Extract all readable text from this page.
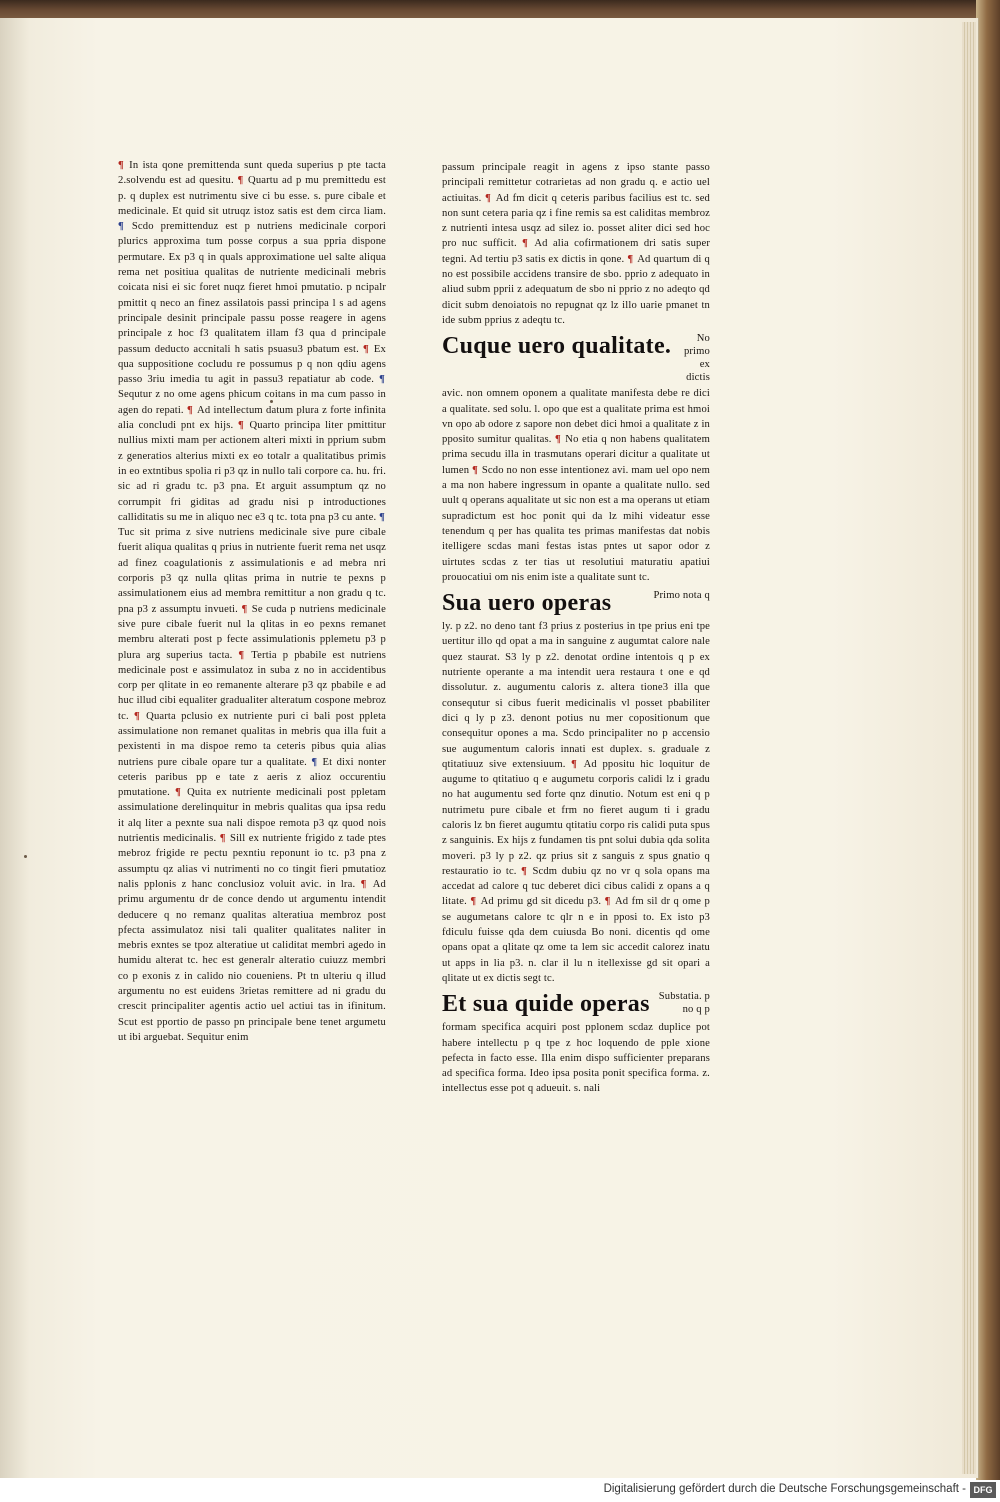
¶ In ista qone premittenda sunt queda superius p pte tacta 2.solvendu est ad quesitu. ¶ Quartu ad p mu premittedu est p. q duplex est nutrimentu sive ci bu esse. s. pure cibale et medicinale. Et quid sit utruqz istoz satis est dem circa liam. ¶ Scdo premittenduz est p nutriens medicinale corpori plurics approxima tum posse corpus a sua ppria dispone permutare. Ex p3 q in quals approximatione uel salte aliqua rema net positiua qualitas de nutriente medicinali mebris coicata nisi ei sic foret nuqz fieret hmoi pmutatio. p ncipalr pmittit q neco an finez assilatois passi principa l s ad agens principale desinit principale passu posse reagere in agens principale z hoc f3 qualitatem illam f3 qua d principale passum deducto accnitali h satis psuasu3 pbatum est. ¶ Ex qua suppositione cocludu re possumus p q non qdiu agens passo 3riu imedia tu agit in passu3 repatiatur ab code. ¶ Sequtur z no ome agens phicum coitans in ma cum passo in agen do repati. ¶ Ad intellectum datum plura z forte infinita alia concludi pnt ex hijs. ¶ Quarto principa liter pmittitur nullius mixti mam per actionem alteri mixti in pprium subm z generatios alterius mixti ex eo totalr a qualitatibus primis in eo extntibus spolia ri p3 qz in nullo tali corpore ca. hu. fri. sic ad ri gradu tc. p3 pna. Et arguit assumptum qz no corrumpit fri giditas ad gradu nisi p introductiones calliditatis su me in aliquo nec e3 q tc. tota pna p3 cu ante. ¶ Tuc sit prima z sive nutriens medicinale sive pure cibale fuerit aliqua qualitas q prius in nutriente fuerit rema net usqz ad finez coagulationis z assimulationis e ad mebra nri corporis p3 qz nulla qlitas prima in nutrie te pexns p assimulationem eius ad membra remittitur a non gradu q tc. pna p3 z assumptu invueti. ¶ Se cuda p nutriens medicinale sive pure cibale fuerit nul la qlitas in eo pexns remanet membru alterati post p fecte assimulationis pplemetu p3 p plura arg superius tacta. ¶ Tertia p pbabile est nutriens medicinale post e assimulatoz in suba z no in accidentibus corp per qlitate in eo remanente alterare p3 qz pbabile e ad huc illud cibi equaliter gradualiter alteratum cospone mebroz tc. ¶ Quarta pclusio ex nutriente puri ci bali post ppleta assimulatione non remanet qualitas in mebris qua illa fuit a pexistenti in ma dispoe remo ta ceteris pibus quia alias nutriens pure cibale opare tur a qualitate. ¶ Et dixi nonter ceteris paribus pp e tate z aeris z alioz occurentiu pmutatione. ¶ Quita ex nutriente medicinali post ppletam assimulatione derelinquitur in mebris qualitas qua ipsa redu it alq liter a pexnte sua nali dispoe remota p3 qz quod nois nutrientis medicinalis. ¶ Sill ex nutriente frigido z tade ptes mebroz frigide re pectu pexntiu reponunt io tc. p3 pna z assumptu qz alias vi nutrimenti no co tingit fieri pmutatioz nalis pplonis z hanc conclusioz voluit avic. in lra. ¶ Ad primu argumentu dr de conce dendo ut argumentu intendit deducere q no remanz qualitas alteratiua membroz post pfecta assimulatoz nisi tali qualiter qualitates naliter in mebris exntes se tpoz alteratiue ut caliditat membri agedo in humidu alterat tc. hec est generalr alteratio cuiuzz membri co p exonis z in calido nio coueniens. Pt tn ulteriu q illud argumentu no est euidens 3rietas remittere ad ni gradu du crescit principaliter agentis actio uel actiui tas in ifinitum. Scut est pportio de passo pn principale bene tenet argumetu ut ibi arguebat. Sequitur enim

passum principale reagit in agens z ipso stante passo principali remittetur cotrarietas ad non gradu q. e actio uel actiuitas. ¶ Ad fm dicit q ceteris paribus facilius est tc. sed non sunt cetera paria qz i fine remis sa est caliditas membroz z nutrienti intesa usqz ad silez io. posset aliter dici sed hoc pro nuc sufficit. ¶ Ad alia cofirmationem dri satis super tegni. Ad tertiu p3 satis ex dictis in qone. ¶ Ad quartum di q no est possibile accidens transire de sbo. pprio z adequato in aliud subm pprii z adequatum de sbo ni pprio z no adeqto qd dicit subm denoiatois no repugnat qz lz illo uarie pmanet tn ide subm pprius z adeqtu tc.

Cuque uero qualitate.	No primo ex dictis
avic. non omnem oponem a qualitate manifesta debe re dici a qualitate. sed solu. l. opo que est a qualitate prima est hmoi vn opo ab odore z sapore non debet dici hmoi a qualitate z in pposito sumitur qualitas. ¶ No etia q non habens qualitatem prima secudu illa in trasmutans operari dicitur a qualitate ut lumen ¶ Scdo no non esse intentionez avi. mam uel opo nem a ma non habere ingressum in opante a qualitate nullo. sed uult q operans aqualitate ut sic non est a ma operans ut etiam supradictum est hoc ponit qui da lz mihi videatur esse tenendum q per has qualita tes primas manifestas dat nobis itelligere scdas mani festas istas pntes ut sapor odor z uirtutes scdas z ter tias ut resolutiui maturatiu apatiui prouocatiui om nis enim iste a qualitate sunt tc.
Sua uero operas	Primo nota q
ly. p z2. no deno tant f3 prius z posterius in tpe prius eni tpe uertitur illo qd opat a ma in sanguine z augumtat calore nale quez staurat. S3 ly p z2. denotat ordine intentois q p ex nutriente operante a ma intendit uera restaura t one e qd dissolutur. z. augumentu caloris z. altera tione3 illa que consequtur si cibus fuerit medicinalis vl posset pbabiliter dici q ly p z3. denont potius nu mer copositionum que consequitur opones a ma. Scdo principaliter no p accensio sue augumentum caloris innati est duplex. s. graduale z qtitatiuuz sive extensiuum. ¶ Ad ppositu hic loquitur de augume to qtitatiuo q e augumetu corporis calidi lz i gradu no hat augumentu sed forte qnz dinutio. Notum est eni q p nutrimetu pure cibale et frm no fieret augum ti i gradu caloris lz bn fieret augumtu qtitatiu corpo ris calidi puta spus z sanguinis. Ex hijs z fundamen tis pnt solui dubia qda solita moveri. p3 ly p z2. qz prius sit z sanguis z spus gnatio q restauratio io tc. ¶ Scdm dubiu qz no vr q sola opans ma accedat ad calore q tuc deberet dici cibus calidi z opans a q litate. ¶ Ad primu gd sit dicedu p3. ¶ Ad fm sil dr q ome p se augumetans calore tc qlr n e in pposi to. Ex isto p3 fdiculu fuisse qda dem cuiusda Bo noni. dicentis qd ome opans opat a qlitate qz ome ta lem sic accedit calorez inatu ut apps in lia p3. n. clar il lu n itellexisse gd sit opari a qlitate ut ex dictis segt tc.
Et sua quide operas Substatia. p no q p

formam specifica acquiri post pplonem scdaz duplice pot habere intellectu p q tpe z hoc loquendo de pple xione pefecta in facto esse. Illa enim dispo sufficienter preparans ad specifica forma. Ideo ipsa posita ponit specifica forma. z. intellectus esse pot q adueuit. s. nali

Digitalisierung gefördert durch die Deutsche Forschungsgemeinschaft - DFG
